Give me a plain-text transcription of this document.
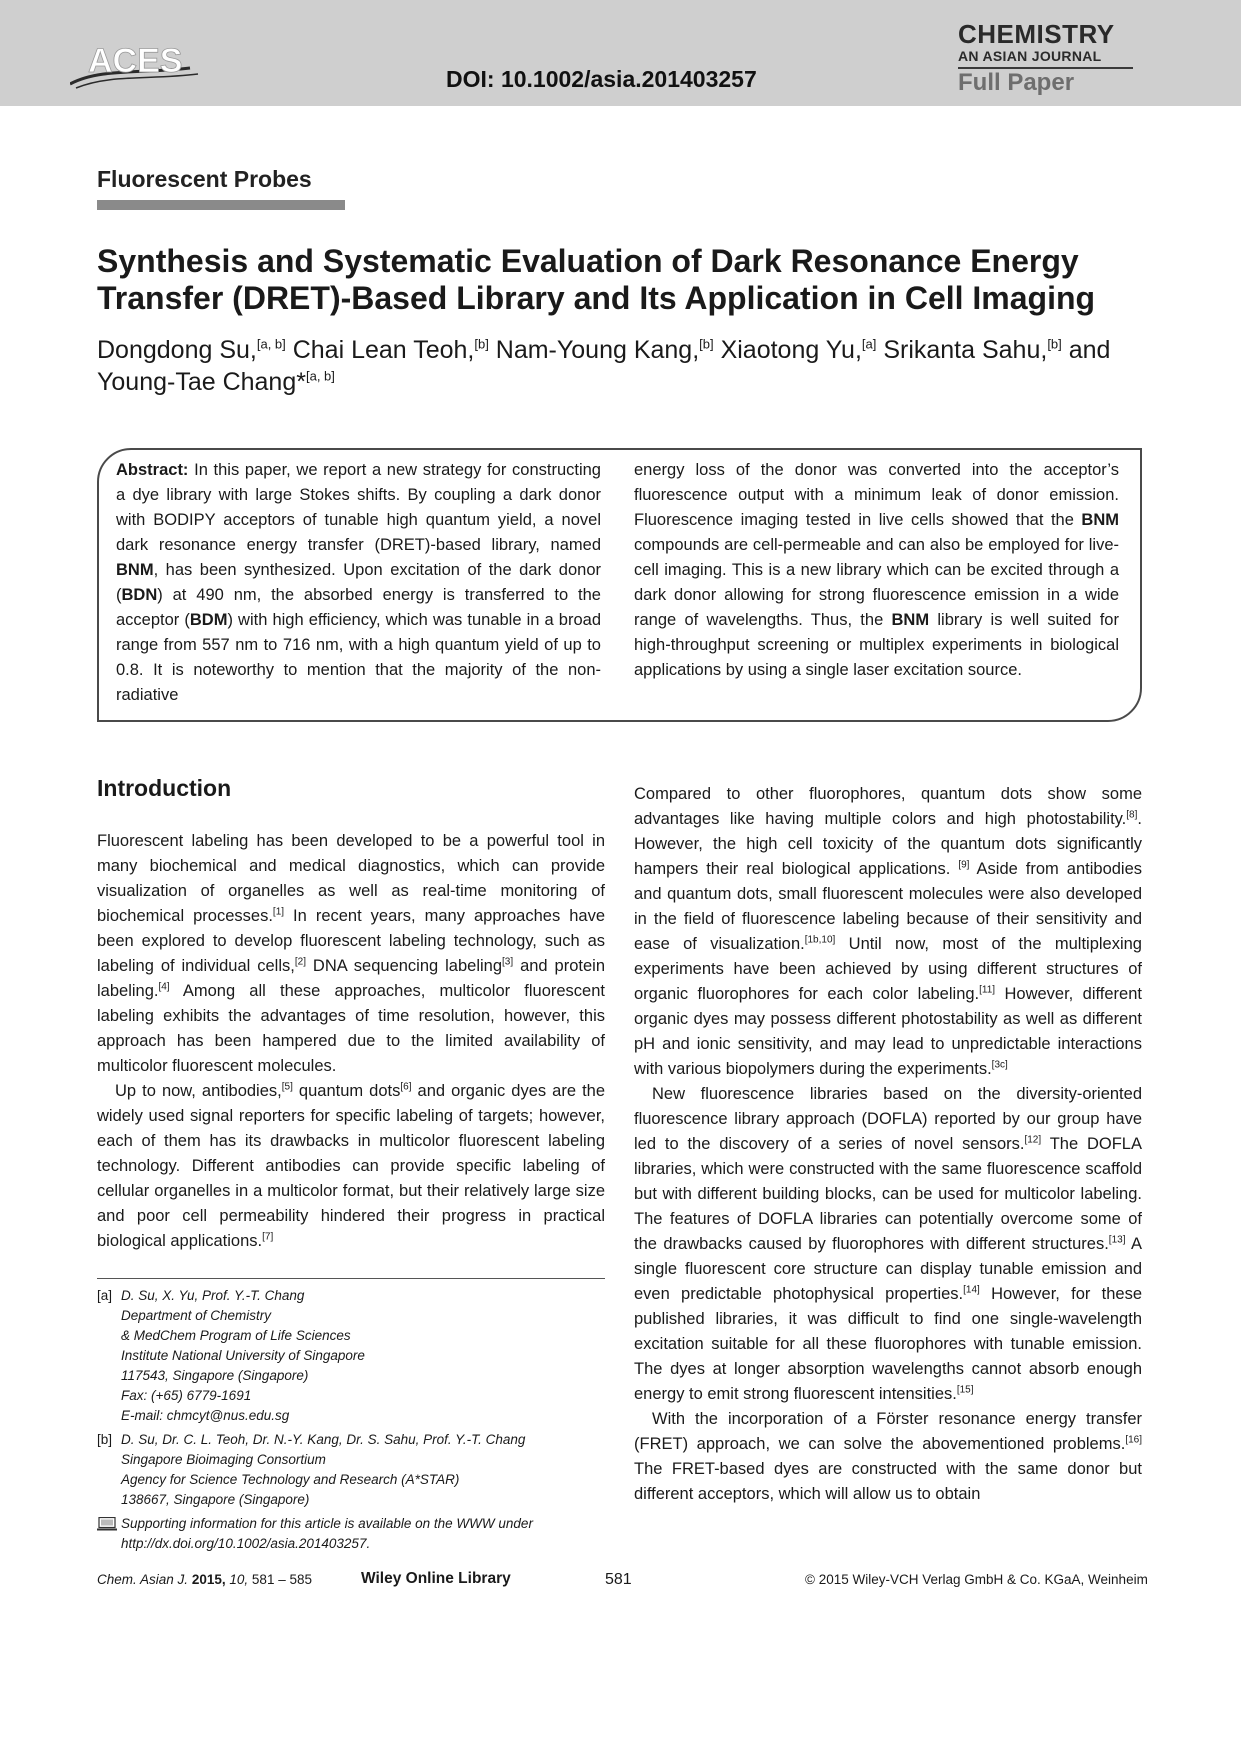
ACES	DOI: 10.1002/asia.201403257
CHEMISTRY
AN ASIAN JOURNAL
Full Paper
Fluorescent Probes
Synthesis and Systematic Evaluation of Dark Resonance Energy Transfer (DRET)-Based Library and Its Application in Cell Imaging
Dongdong Su,[a, b] Chai Lean Teoh,[b] Nam-Young Kang,[b] Xiaotong Yu,[a] Srikanta Sahu,[b] and Young-Tae Chang*[a, b]
Abstract: In this paper, we report a new strategy for constructing a dye library with large Stokes shifts. By coupling a dark donor with BODIPY acceptors of tunable high quantum yield, a novel dark resonance energy transfer (DRET)-based library, named BNM, has been synthesized. Upon excitation of the dark donor (BDN) at 490 nm, the absorbed energy is transferred to the acceptor (BDM) with high efficiency, which was tunable in a broad range from 557 nm to 716 nm, with a high quantum yield of up to 0.8. It is noteworthy to mention that the majority of the non-radiative
energy loss of the donor was converted into the acceptor’s fluorescence output with a minimum leak of donor emission. Fluorescence imaging tested in live cells showed that the BNM compounds are cell-permeable and can also be employed for live-cell imaging. This is a new library which can be excited through a dark donor allowing for strong fluorescence emission in a wide range of wavelengths. Thus, the BNM library is well suited for high-throughput screening or multiplex experiments in biological applications by using a single laser excitation source.
Introduction

Fluorescent labeling has been developed to be a powerful tool in many biochemical and medical diagnostics, which can provide visualization of organelles as well as real-time monitoring of biochemical processes.[1] In recent years, many approaches have been explored to develop fluorescent labeling technology, such as labeling of individual cells,[2] DNA sequencing labeling[3] and protein labeling.[4] Among all these approaches, multicolor fluorescent labeling exhibits the advantages of time resolution, however, this approach has been hampered due to the limited availability of multicolor fluorescent molecules.

Up to now, antibodies,[5] quantum dots[6] and organic dyes are the widely used signal reporters for specific labeling of targets; however, each of them has its drawbacks in multicolor fluorescent labeling technology. Different antibodies can provide specific labeling of cellular organelles in a multicolor format, but their relatively large size and poor cell permeability hindered their progress in practical biological applications.[7]

Compared to other fluorophores, quantum dots show some advantages like having multiple colors and high photostability.[8]. However, the high cell toxicity of the quantum dots significantly hampers their real biological applications. [9] Aside from antibodies and quantum dots, small fluorescent molecules were also developed in the field of fluorescence labeling because of their sensitivity and ease of visualization.[1b,10] Until now, most of the multiplexing experiments have been achieved by using different structures of organic fluorophores for each color labeling.[11] However, different organic dyes may possess different photostability as well as different pH and ionic sensitivity, and may lead to unpredictable interactions with various biopolymers during the experiments.[3c]

New fluorescence libraries based on the diversity-oriented fluorescence library approach (DOFLA) reported by our group have led to the discovery of a series of novel sensors.[12] The DOFLA libraries, which were constructed with the same fluorescence scaffold but with different building blocks, can be used for multicolor labeling. The features of DOFLA libraries can potentially overcome some of the drawbacks caused by fluorophores with different structures.[13] A single fluorescent core structure can display tunable emission and even predictable photophysical properties.[14] However, for these published libraries, it was difficult to find one single-wavelength excitation suitable for all these fluorophores with tunable emission. The dyes at longer absorption wavelengths cannot absorb enough energy to emit strong fluorescent intensities.[15]

With the incorporation of a Förster resonance energy transfer (FRET) approach, we can solve the abovementioned problems.[16] The FRET-based dyes are constructed with the same donor but different acceptors, which will allow us to obtain

[a] D. Su, X. Yu, Prof. Y.-T. Chang
Department of Chemistry
& MedChem Program of Life Sciences
Institute National University of Singapore
117543, Singapore (Singapore)
Fax: (+65) 6779-1691
E-mail: chmcyt@nus.edu.sg
[b] D. Su, Dr. C. L. Teoh, Dr. N.-Y. Kang, Dr. S. Sahu, Prof. Y.-T. Chang
Singapore Bioimaging Consortium
Agency for Science Technology and Research (A*STAR)
138667, Singapore (Singapore)
Supporting information for this article is available on the WWW under
http://dx.doi.org/10.1002/asia.201403257.
Chem. Asian J. 2015, 10, 581 – 585	Wiley Online Library	581	© 2015 Wiley-VCH Verlag GmbH & Co. KGaA, Weinheim
